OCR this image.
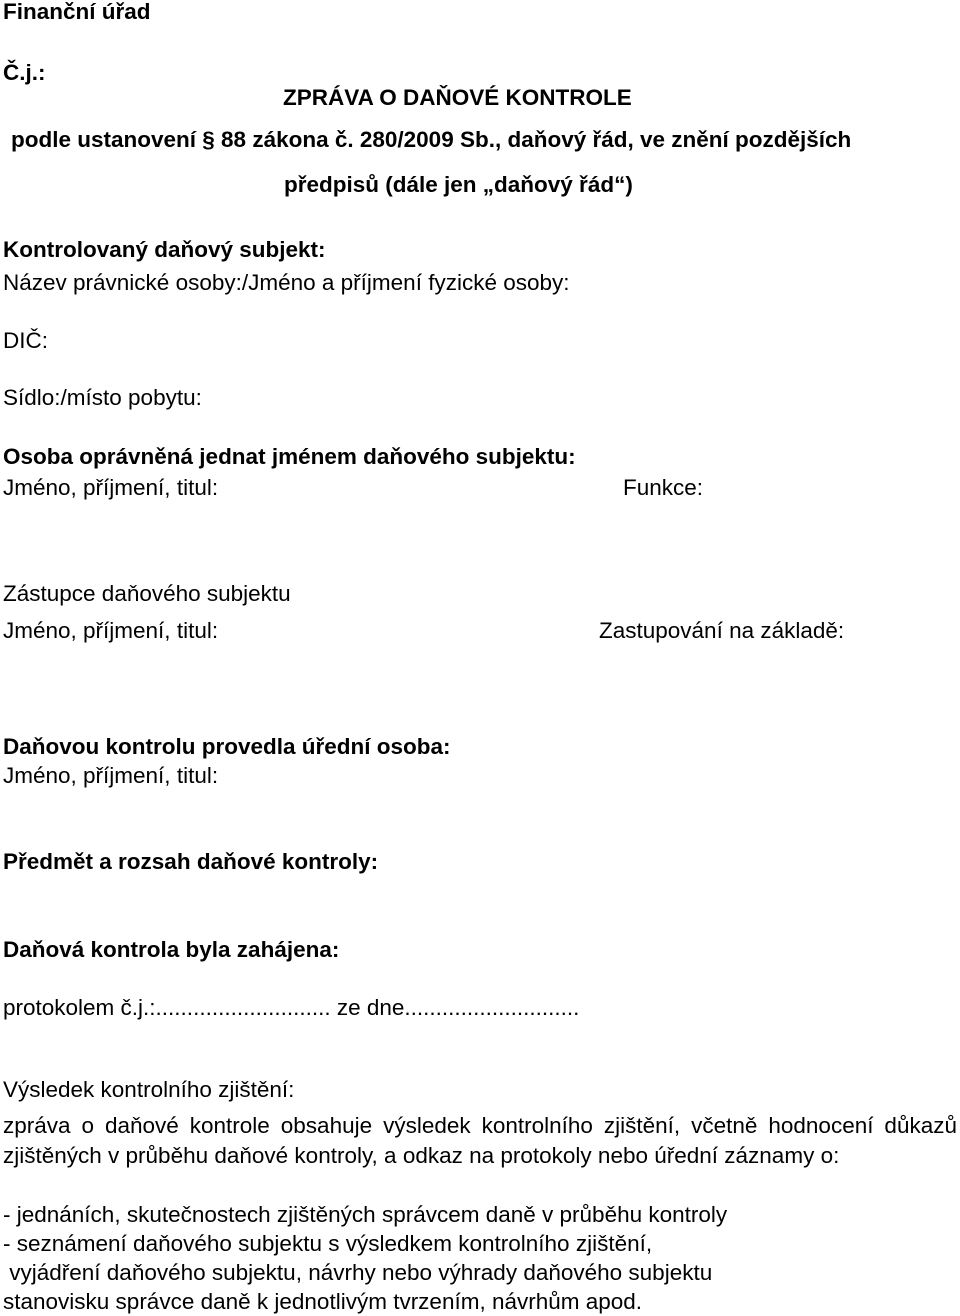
Finanční úřad
Č.j.:
ZPRÁVA O DAŇOVÉ KONTROLE
podle ustanovení § 88 zákona č. 280/2009 Sb., daňový řád, ve znění pozdějších
předpisů (dále jen „daňový řád“)
Kontrolovaný daňový subjekt:
Název právnické osoby:/Jméno a příjmení fyzické osoby:
DIČ:
Sídlo:/místo pobytu:
Osoba oprávněná jednat jménem daňového subjektu:
Jméno, příjmení, titul:	Funkce:
Zástupce daňového subjektu
Jméno, příjmení, titul:	Zastupování na základě:
Daňovou kontrolu provedla úřední osoba:
Jméno, příjmení, titul:
Předmět a rozsah daňové kontroly:
Daňová kontrola byla zahájena:
protokolem č.j.:............................ ze dne............................
Výsledek kontrolního zjištění:
zpráva o daňové kontrole obsahuje výsledek kontrolního zjištění, včetně hodnocení důkazů zjištěných v průběhu daňové kontroly, a odkaz na protokoly nebo úřední záznamy o:
- jednáních, skutečnostech zjištěných správcem daně v průběhu kontroly
- seznámení daňového subjektu s výsledkem kontrolního zjištění,
vyjádření daňového subjektu, návrhy nebo výhrady daňového subjektu
stanovisku správce daně k jednotlivým tvrzením, návrhům apod.
